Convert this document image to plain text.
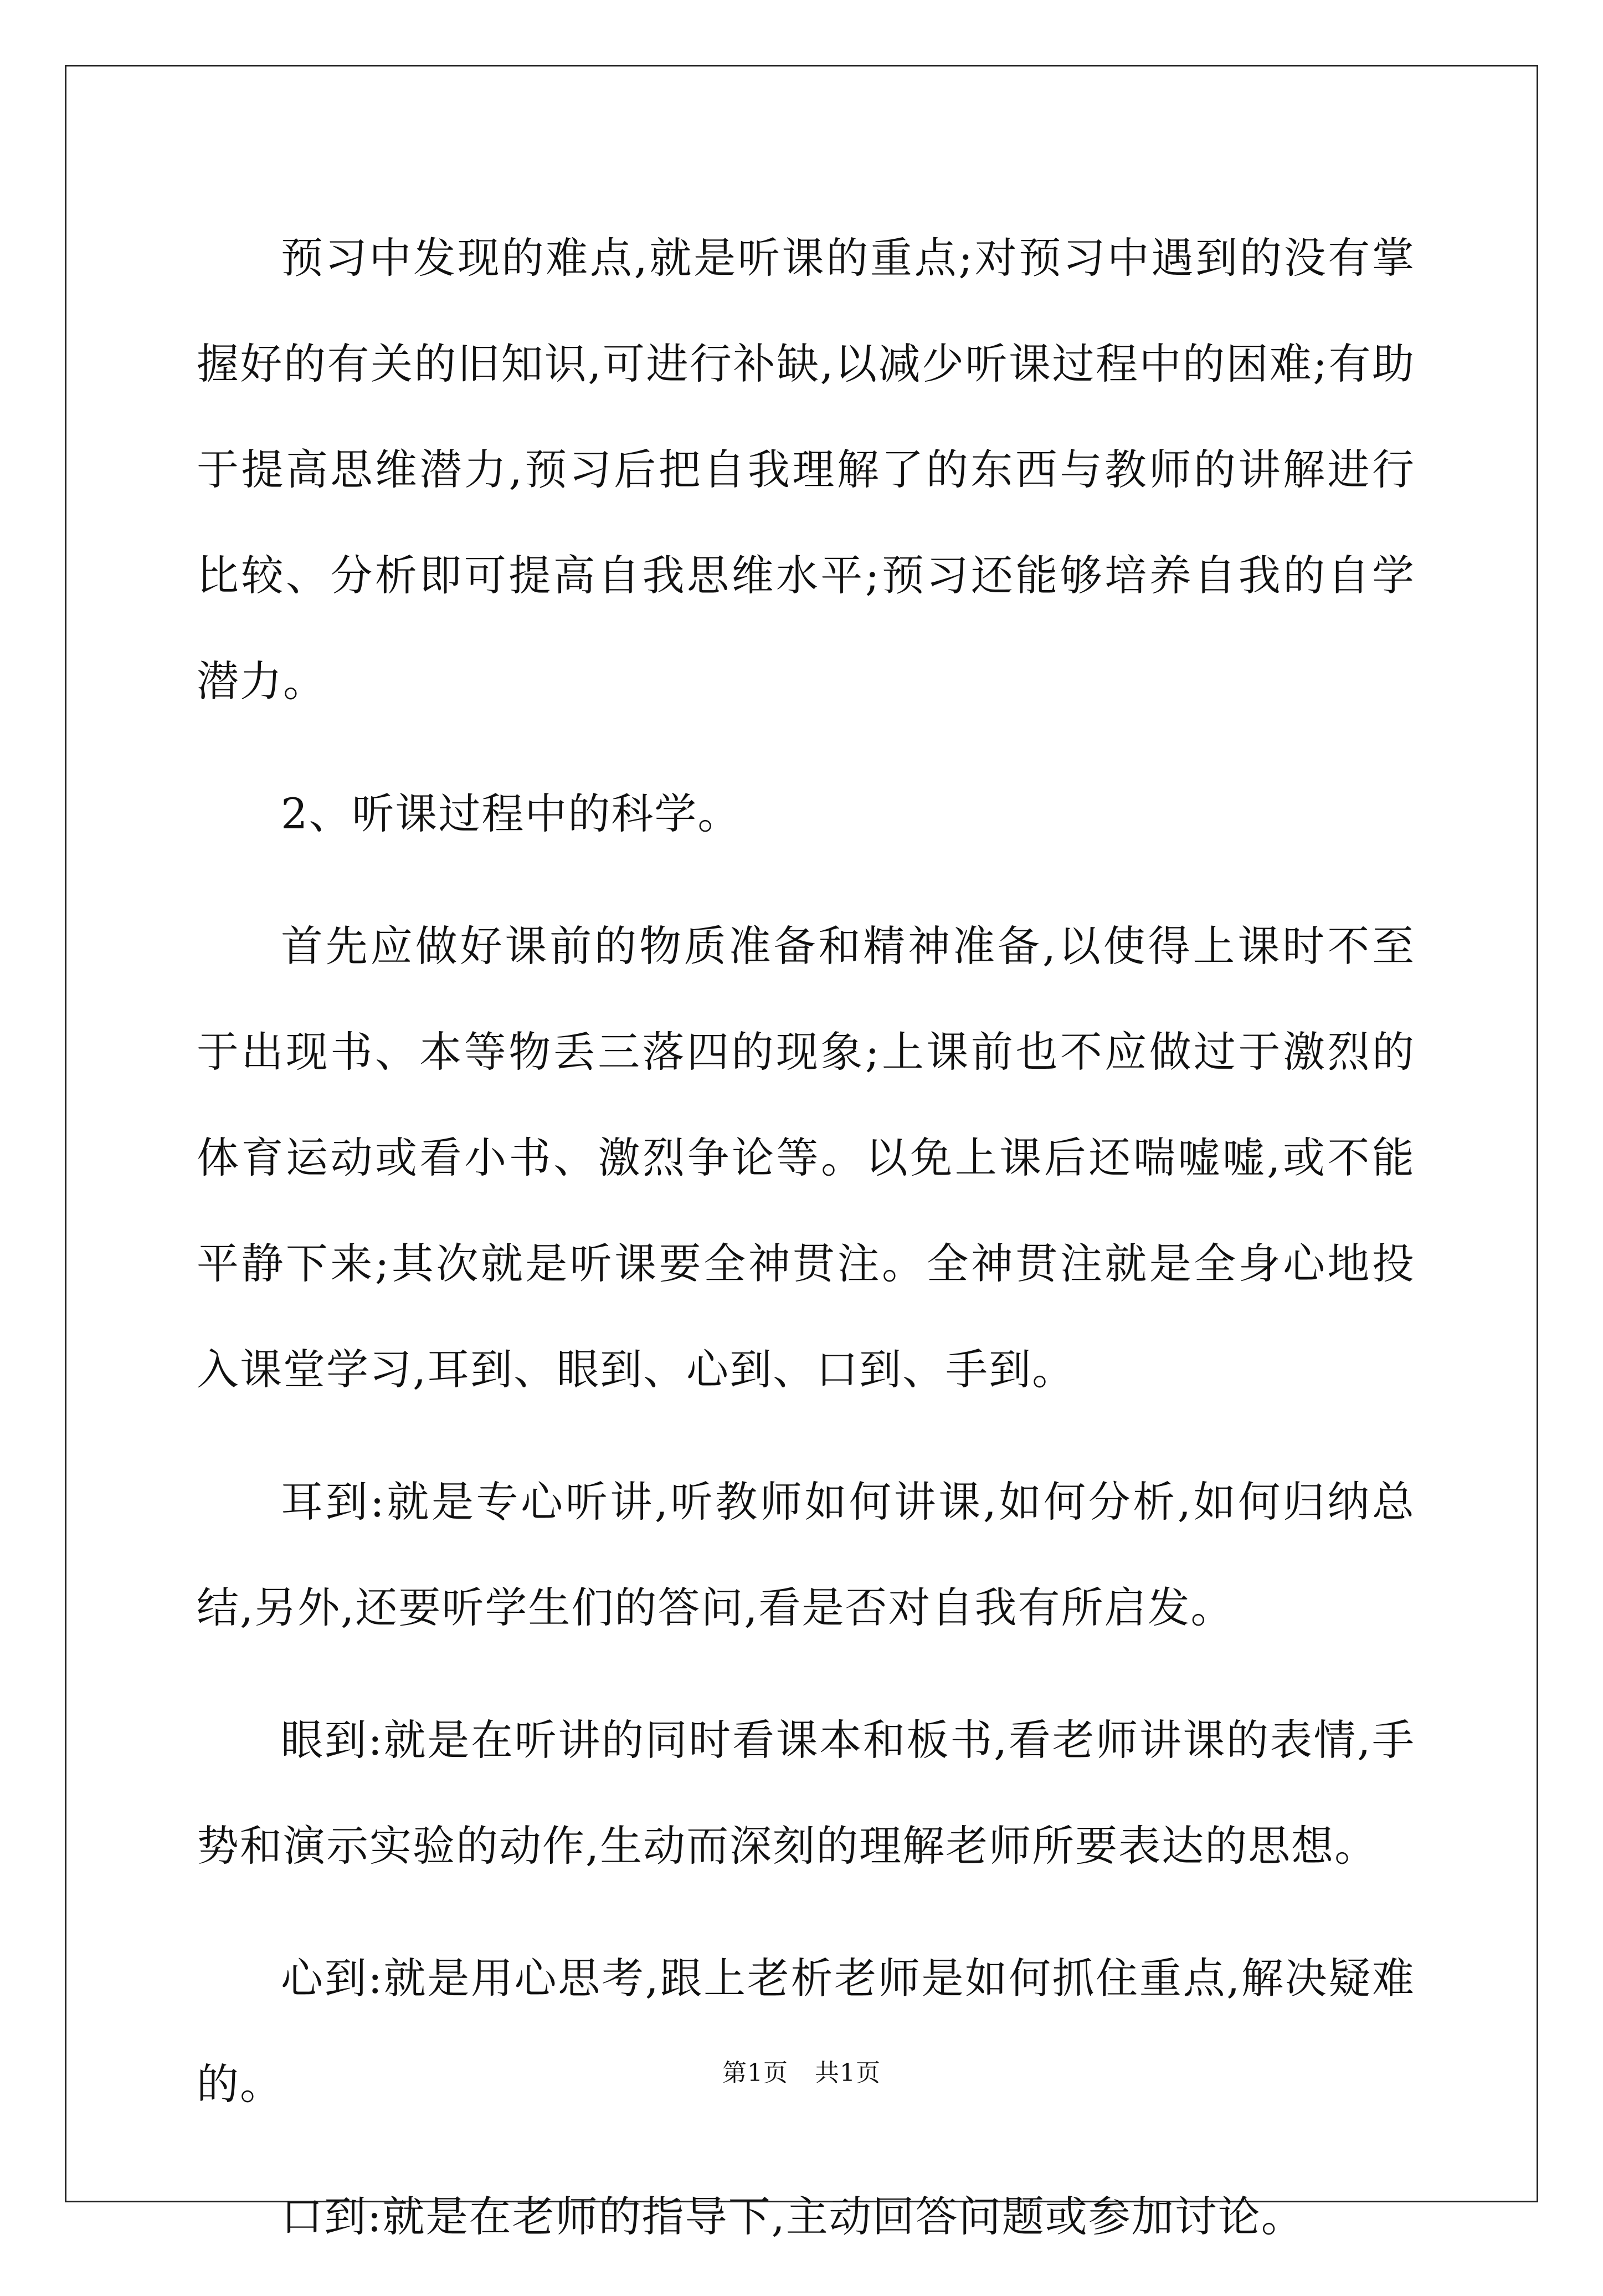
预习中发现的难点,就是听课的重点;对预习中遇到的没有掌握好的有关的旧知识,可进行补缺,以减少听课过程中的困难;有助于提高思维潜力,预习后把自我理解了的东西与教师的讲解进行比较、分析即可提高自我思维水平;预习还能够培养自我的自学潜力。

2、听课过程中的科学。

首先应做好课前的物质准备和精神准备,以使得上课时不至于出现书、本等物丢三落四的现象;上课前也不应做过于激烈的体育运动或看小书、激烈争论等。以免上课后还喘嘘嘘,或不能平静下来;其次就是听课要全神贯注。全神贯注就是全身心地投入课堂学习,耳到、眼到、心到、口到、手到。

耳到:就是专心听讲,听教师如何讲课,如何分析,如何归纳总结,另外,还要听学生们的答问,看是否对自我有所启发。

眼到:就是在听讲的同时看课本和板书,看老师讲课的表情,手势和演示实验的动作,生动而深刻的理解老师所要表达的思想。

心到:就是用心思考,跟上老析老师是如何抓住重点,解决疑难的。

口到:就是在老师的指导下,主动回答问题或参加讨论。

第1页 共1页
